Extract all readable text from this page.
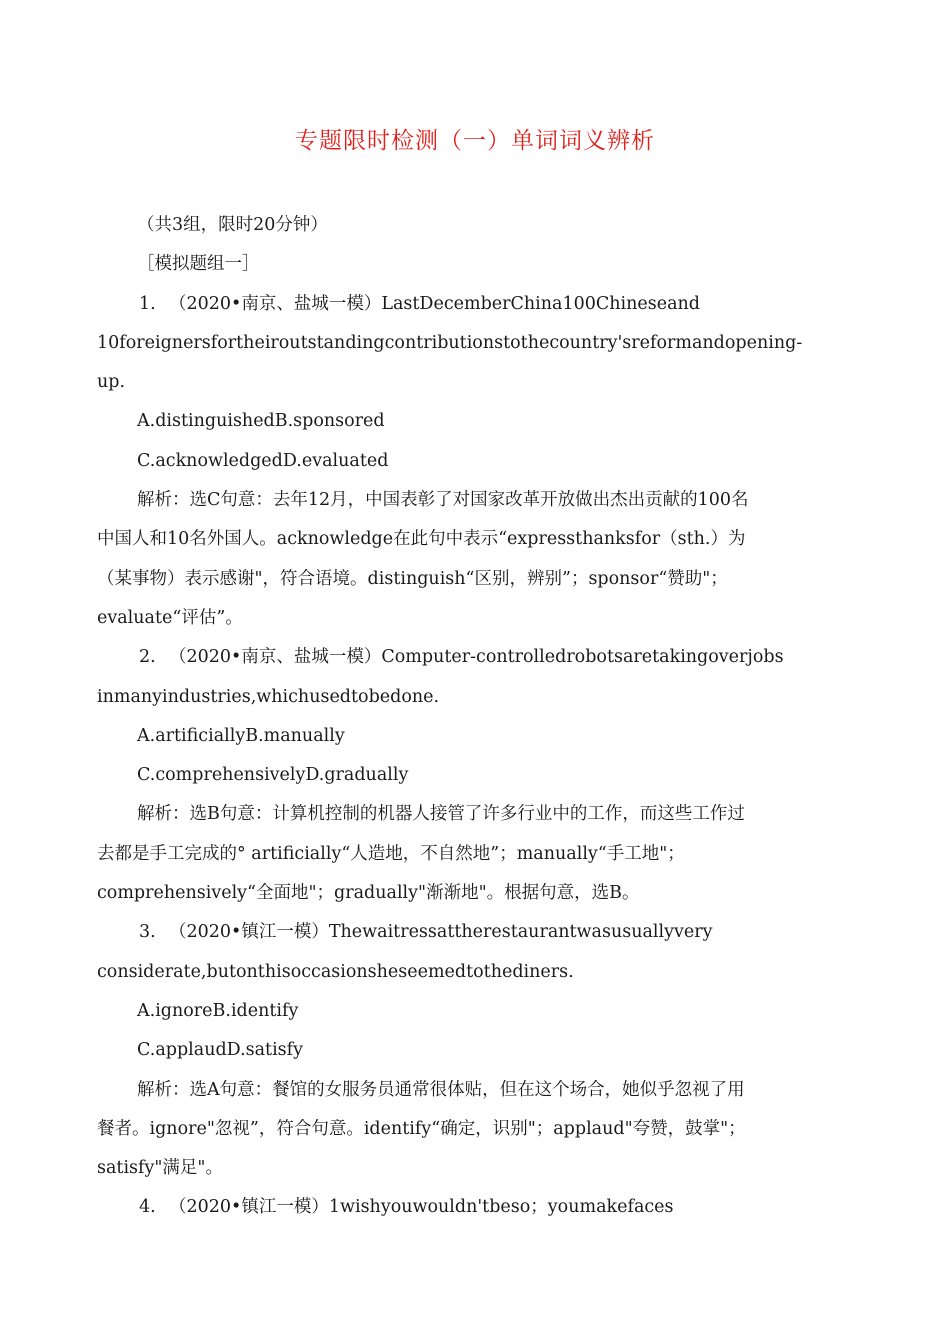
专题限时检测（一）单词词义辨析
（共3组，限时20分钟）
［模拟题组一］
1. （2020•南京、盐城一模）LastDecemberChina100Chineseand
10foreignersfortheiroutstandingcontributionstothecountry'sreformandopening-
up.
A.distinguishedB.sponsored
C.acknowledgedD.evaluated
解析：选C句意：去年12月，中国表彰了对国家改革开放做出杰出贡献的100名
中国人和10名外国人。acknowledge在此句中表示“expressthanksfor（sth.）为
（某事物）表示感谢"，符合语境。distinguish“区别，辨别”；sponsor“赞助"；
evaluate“评估”。
2. （2020•南京、盐城一模）Computer-controlledrobotsaretakingoverjobs
inmanyindustries,whichusedtobedone.
A.artificiallyB.manually
C.comprehensivelyD.gradually
解析：选B句意：计算机控制的机器人接管了许多行业中的工作，而这些工作过
去都是手工完成的° artificially“人造地，不自然地”；manually“手工地"；
comprehensively“全面地"；gradually"渐渐地"。根据句意，选B。
3. （2020•镇江一模）Thewaitressattherestaurantwasusuallyvery
considerate,butonthisoccasionsheseemedtothediners.
A.ignoreB.identify
C.applaudD.satisfy
解析：选A句意：餐馆的女服务员通常很体贴，但在这个场合，她似乎忽视了用
餐者。ignore"忽视”，符合句意。identify“确定，识别"；applaud"夸赞，鼓掌"；
satisfy"满足"。
4. （2020•镇江一模）1wishyouwouldn'tbeso；youmakefaces
